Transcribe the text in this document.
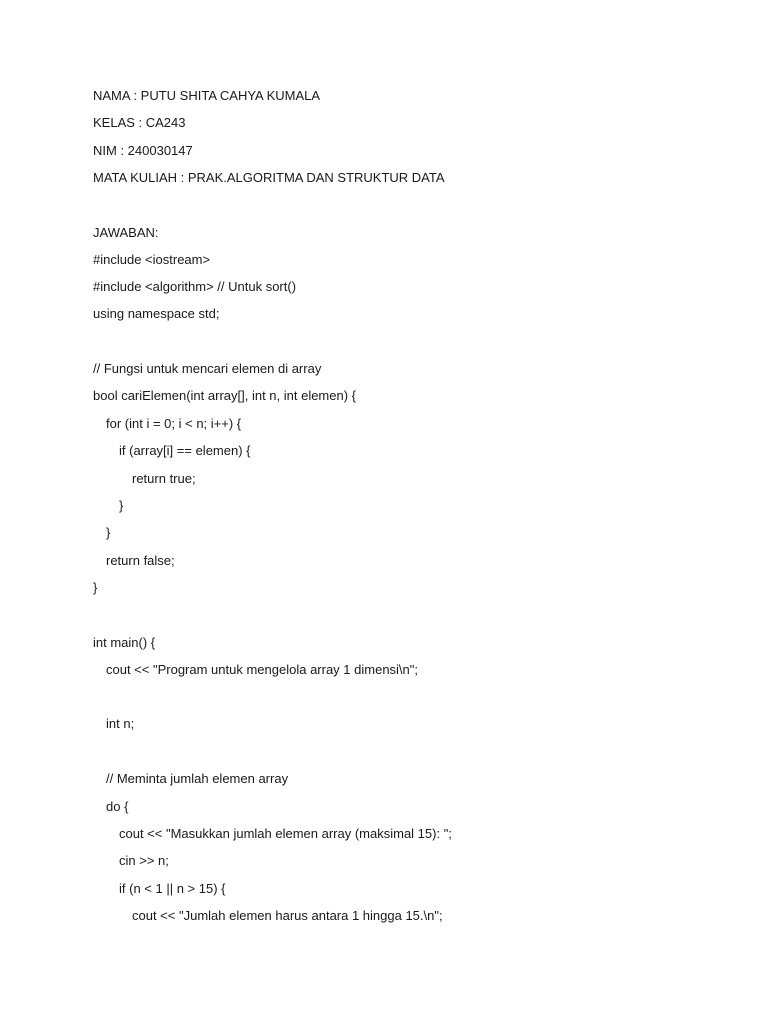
NAMA : PUTU SHITA CAHYA KUMALA
KELAS : CA243
NIM : 240030147
MATA KULIAH : PRAK.ALGORITMA DAN STRUKTUR DATA
JAWABAN:
#include <iostream>
#include <algorithm> // Untuk sort()
using namespace std;
// Fungsi untuk mencari elemen di array
bool cariElemen(int array[], int n, int elemen) {
for (int i = 0; i < n; i++) {
if (array[i] == elemen) {
return true;
}
}
return false;
}
int main() {
cout << "Program untuk mengelola array 1 dimensi\n";
int n;
// Meminta jumlah elemen array
do {
cout << "Masukkan jumlah elemen array (maksimal 15): ";
cin >> n;
if (n < 1 || n > 15) {
cout << "Jumlah elemen harus antara 1 hingga 15.\n";
